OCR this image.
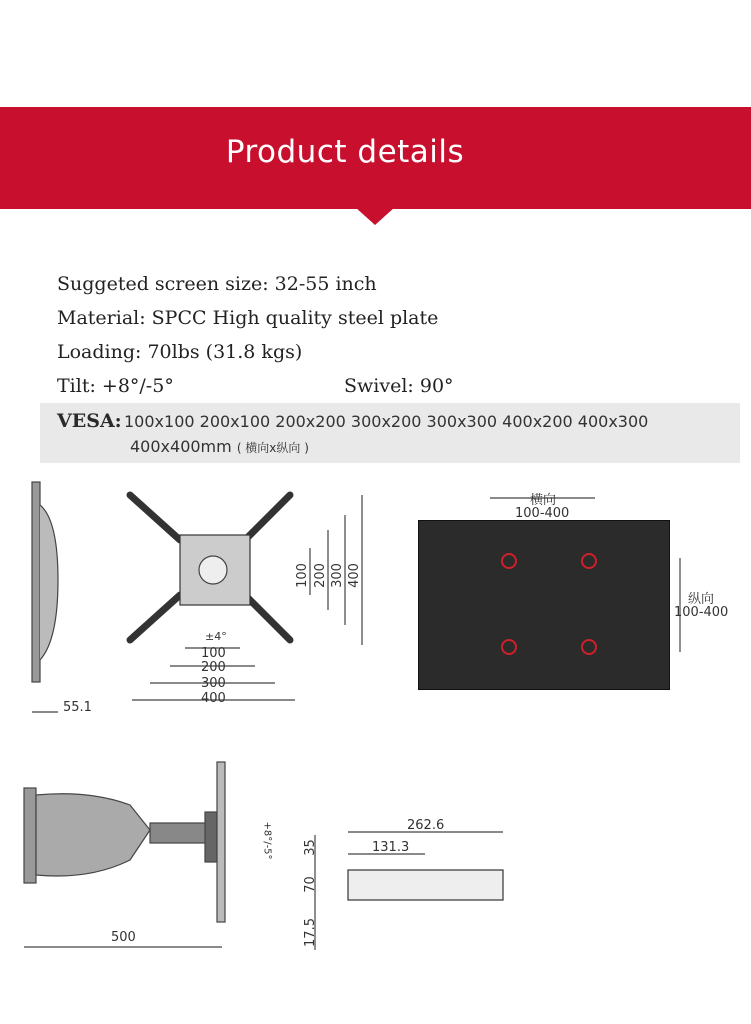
Product details
Suggeted screen size: 32-55 inch
Material: SPCC High quality steel plate
Loading: 70lbs (31.8 kgs)
Tilt: +8°/-5°	Swivel: 90°
VESA: 100x100 200x100 200x200 300x200 300x300 400x200 400x300
400x400mm ( 横向x纵向 )
55.1
±4°
100
200
300
400
100 200 300 400
横向
100-400
纵向
100-400
500
+8°/-5°	262.6
131.3
35
70
17.5
